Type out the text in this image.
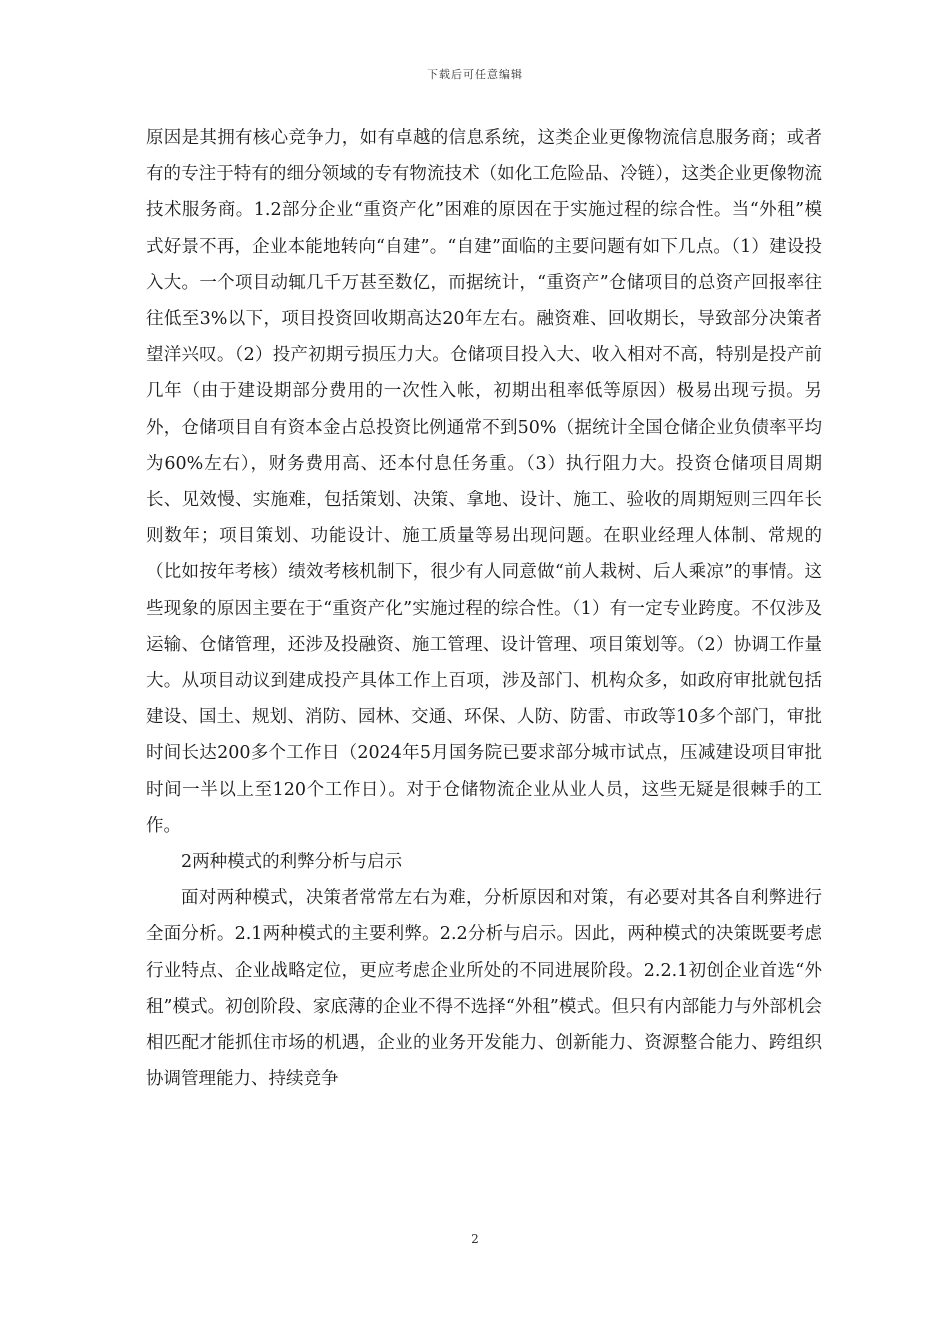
下载后可任意编辑

原因是其拥有核心竞争力，如有卓越的信息系统，这类企业更像物流信息服务商；或者有的专注于特有的细分领域的专有物流技术（如化工危险品、冷链），这类企业更像物流技术服务商。1.2部分企业“重资产化”困难的原因在于实施过程的综合性。当“外租”模式好景不再，企业本能地转向“自建”。“自建”面临的主要问题有如下几点。（1）建设投入大。一个项目动辄几千万甚至数亿，而据统计，“重资产”仓储项目的总资产回报率往往低至3%以下，项目投资回收期高达20年左右。融资难、回收期长，导致部分决策者望洋兴叹。（2）投产初期亏损压力大。仓储项目投入大、收入相对不高，特别是投产前几年（由于建设期部分费用的一次性入帐，初期出租率低等原因）极易出现亏损。另外，仓储项目自有资本金占总投资比例通常不到50%（据统计全国仓储企业负债率平均为60%左右），财务费用高、还本付息任务重。（3）执行阻力大。投资仓储项目周期长、见效慢、实施难，包括策划、决策、拿地、设计、施工、验收的周期短则三四年长则数年；项目策划、功能设计、施工质量等易出现问题。在职业经理人体制、常规的（比如按年考核）绩效考核机制下，很少有人同意做“前人栽树、后人乘凉”的事情。这些现象的原因主要在于“重资产化”实施过程的综合性。（1）有一定专业跨度。不仅涉及运输、仓储管理，还涉及投融资、施工管理、设计管理、项目策划等。（2）协调工作量大。从项目动议到建成投产具体工作上百项，涉及部门、机构众多，如政府审批就包括建设、国土、规划、消防、园林、交通、环保、人防、防雷、市政等10多个部门，审批时间长达200多个工作日（2024年5月国务院已要求部分城市试点，压减建设项目审批时间一半以上至120个工作日）。对于仓储物流企业从业人员，这些无疑是很棘手的工作。

2两种模式的利弊分析与启示

面对两种模式，决策者常常左右为难，分析原因和对策，有必要对其各自利弊进行全面分析。2.1两种模式的主要利弊。2.2分析与启示。因此，两种模式的决策既要考虑行业特点、企业战略定位，更应考虑企业所处的不同进展阶段。2.2.1初创企业首选“外租”模式。初创阶段、家底薄的企业不得不选择“外租”模式。但只有内部能力与外部机会相匹配才能抓住市场的机遇，企业的业务开发能力、创新能力、资源整合能力、跨组织协调管理能力、持续竞争

2
